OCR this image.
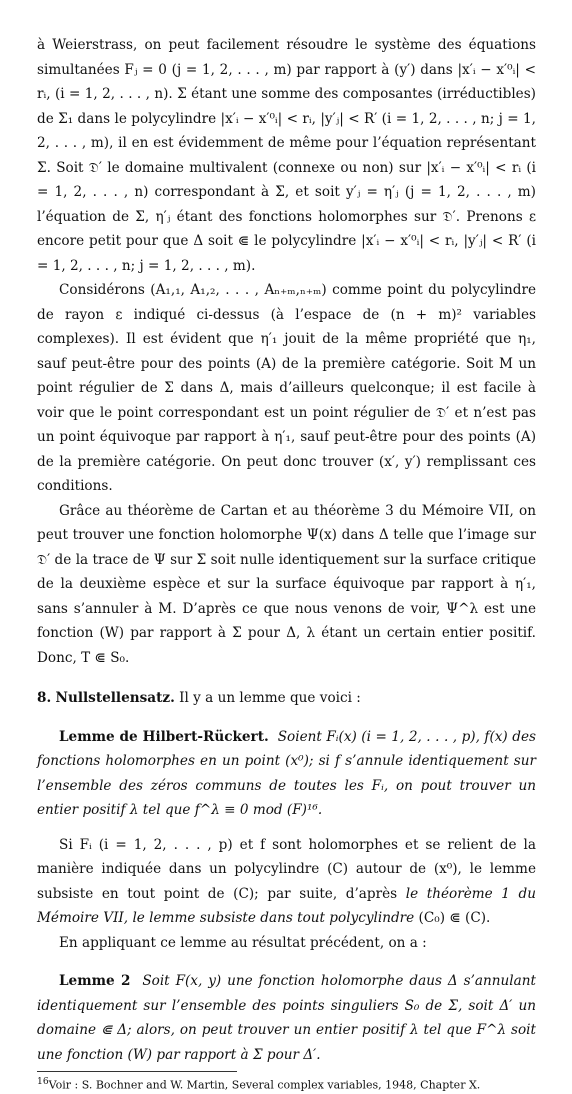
à Weierstrass, on peut facilement résoudre le système des équations simultanées Fⱼ = 0 (j = 1, 2, . . . , m) par rapport à (y′) dans |x′ᵢ − x′⁰ᵢ| < rᵢ, (i = 1, 2, . . . , n). Σ étant une somme des composantes (irréductibles) de Σ₁ dans le polycylindre |x′ᵢ − x′⁰ᵢ| < rᵢ, |y′ⱼ| < R′ (i = 1, 2, . . . , n; j = 1, 2, . . . , m), il en est évidemment de même pour l’équation représentant Σ. Soit 𝔇′ le domaine multivalent (connexe ou non) sur |x′ᵢ − x′⁰ᵢ| < rᵢ (i = 1, 2, . . . , n) correspondant à Σ, et soit y′ⱼ = η′ⱼ (j = 1, 2, . . . , m) l’équation de Σ, η′ⱼ étant des fonctions holomorphes sur 𝔇′. Prenons ε encore petit pour que Δ soit ⋐ le polycylindre |x′ᵢ − x′⁰ᵢ| < rᵢ, |y′ⱼ| < R′ (i = 1, 2, . . . , n; j = 1, 2, . . . , m).

Considérons (A₁,₁, A₁,₂, . . . , Aₙ₊ₘ,ₙ₊ₘ) comme point du polycylindre de rayon ε indiqué ci-dessus (à l’espace de (n + m)² variables complexes). Il est évident que η′₁ jouit de la même propriété que η₁, sauf peut-être pour des points (A) de la première catégorie. Soit M un point régulier de Σ dans Δ, mais d’ailleurs quelconque; il est facile à voir que le point correspondant est un point régulier de 𝔇′ et n’est pas un point équivoque par rapport à η′₁, sauf peut-être pour des points (A) de la première catégorie. On peut donc trouver (x′, y′) remplissant ces conditions.

Grâce au théorème de Cartan et au théorème 3 du Mémoire VII, on peut trouver une fonction holomorphe Ψ(x) dans Δ telle que l’image sur 𝔇′ de la trace de Ψ sur Σ soit nulle identiquement sur la surface critique de la deuxième espèce et sur la surface équivoque par rapport à η′₁, sans s’annuler à M. D’après ce que nous venons de voir, Ψ^λ est une fonction (W) par rapport à Σ pour Δ, λ étant un certain entier positif. Donc, T ⋐ S₀.

8. Nullstellensatz. Il y a un lemme que voici :

Lemme de Hilbert-Rückert. Soient Fᵢ(x) (i = 1, 2, . . . , p), f(x) des fonctions holomorphes en un point (x⁰); si f s’annule identiquement sur l’ensemble des zéros communs de toutes les Fᵢ, on pout trouver un entier positif λ tel que f^λ ≡ 0 mod (F)¹⁶.

Si Fᵢ (i = 1, 2, . . . , p) et f sont holomorphes et se relient de la manière indiquée dans un polycylindre (C) autour de (x⁰), le lemme subsiste en tout point de (C); par suite, d’après le théorème 1 du Mémoire VII, le lemme subsiste dans tout polycylindre (C₀) ⋐ (C).

En appliquant ce lemme au résultat précédent, on a :

Lemme 2 Soit F(x, y) une fonction holomorphe daus Δ s’annulant identiquement sur l’ensemble des points singuliers S₀ de Σ, soit Δ′ un domaine ⋐ Δ; alors, on peut trouver un entier positif λ tel que F^λ soit une fonction (W) par rapport à Σ pour Δ′.

$^{16}$Voir : S. Bochner and W. Martin, Several complex variables, 1948, Chapter X.
